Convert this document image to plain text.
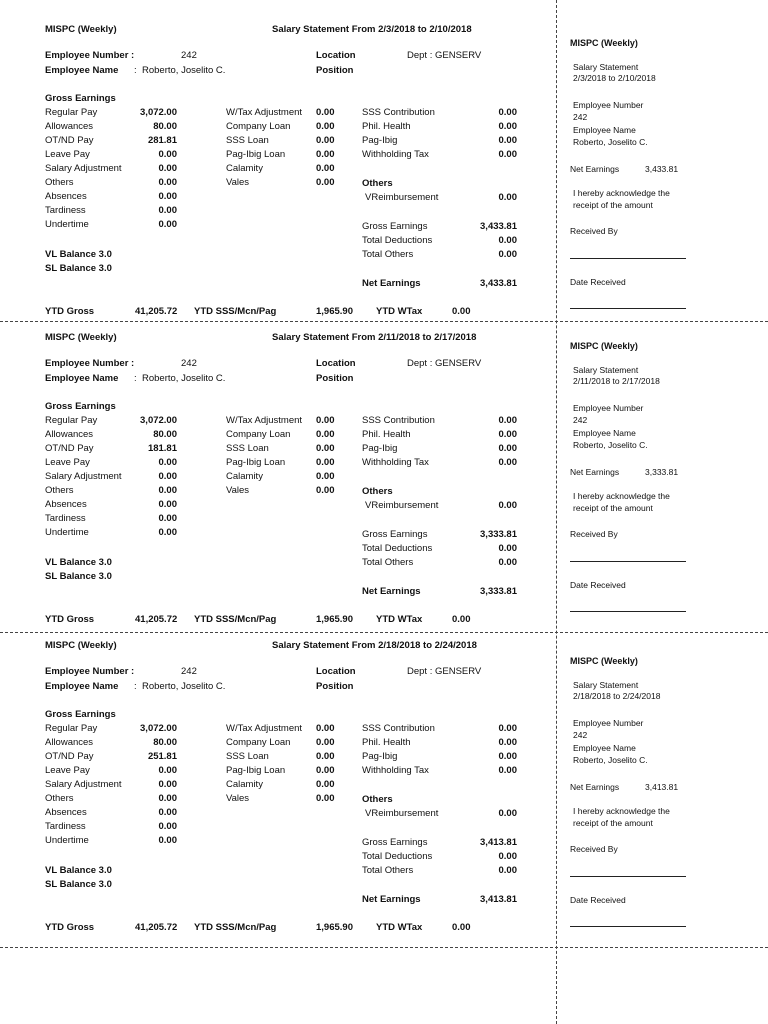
MISPC (Weekly)	Salary Statement From 2/3/2018 to 2/10/2018
Employee Number :	242	Location	Dept : GENSERV
Employee Name : Roberto, Joselito C.	Position
Gross Earnings
Regular Pay	3,072.00
Allowances	80.00
OT/ND Pay	281.81
Leave Pay	0.00
Salary Adjustment	0.00
Others	0.00
Absences	0.00
Tardiness	0.00
Undertime	0.00
W/Tax Adjustment 0.00
Company Loan	0.00
SSS Loan	0.00
Pag-Ibig Loan	0.00
Calamity	0.00
Vales	0.00
SSS Contribution	0.00
Phil. Health	0.00
Pag-Ibig	0.00
Withholding Tax	0.00
Others
VReimbursement	0.00
Gross Earnings	3,433.81
Total Deductions	0.00
Total Others	0.00
VL Balance 3.0
SL Balance 3.0
Net Earnings	3,433.81
YTD Gross	41,205.72 YTD SSS/Mcn/Pag	1,965.90 YTD WTax	0.00
MISPC (Weekly)
Salary Statement
2/3/2018 to 2/10/2018
Employee Number
242
Employee Name
Roberto, Joselito C.
Net Earnings	3,433.81
I hereby acknowledge the
receipt of the amount
Received By
Date Received
MISPC (Weekly)	Salary Statement From 2/11/2018 to 2/17/2018
Employee Number :	242	Location	Dept : GENSERV
Employee Name : Roberto, Joselito C.	Position
Gross Earnings
Regular Pay	3,072.00
Allowances	80.00
OT/ND Pay	181.81
Leave Pay	0.00
Salary Adjustment	0.00
Others	0.00
Absences	0.00
Tardiness	0.00
Undertime	0.00
W/Tax Adjustment 0.00
Company Loan	0.00
SSS Loan	0.00
Pag-Ibig Loan	0.00
Calamity	0.00
Vales	0.00
SSS Contribution	0.00
Phil. Health	0.00
Pag-Ibig	0.00
Withholding Tax	0.00
Others
VReimbursement	0.00
Gross Earnings	3,333.81
Total Deductions	0.00
Total Others	0.00
VL Balance 3.0
SL Balance 3.0
Net Earnings	3,333.81
YTD Gross	41,205.72 YTD SSS/Mcn/Pag	1,965.90 YTD WTax	0.00
MISPC (Weekly)
Salary Statement
2/11/2018 to 2/17/2018
Employee Number
242
Employee Name
Roberto, Joselito C.
Net Earnings	3,333.81
I hereby acknowledge the
receipt of the amount
Received By
Date Received
MISPC (Weekly)	Salary Statement From 2/18/2018 to 2/24/2018
Employee Number :	242	Location	Dept : GENSERV
Employee Name : Roberto, Joselito C.	Position
Gross Earnings
Regular Pay	3,072.00
Allowances	80.00
OT/ND Pay	251.81
Leave Pay	0.00
Salary Adjustment	0.00
Others	0.00
Absences	0.00
Tardiness	0.00
Undertime	0.00
W/Tax Adjustment 0.00
Company Loan	0.00
SSS Loan	0.00
Pag-Ibig Loan	0.00
Calamity	0.00
Vales	0.00
SSS Contribution	0.00
Phil. Health	0.00
Pag-Ibig	0.00
Withholding Tax	0.00
Others
VReimbursement	0.00
Gross Earnings	3,413.81
Total Deductions	0.00
Total Others	0.00
VL Balance 3.0
SL Balance 3.0
Net Earnings	3,413.81
YTD Gross	41,205.72 YTD SSS/Mcn/Pag	1,965.90 YTD WTax	0.00
MISPC (Weekly)
Salary Statement
2/18/2018 to 2/24/2018
Employee Number
242
Employee Name
Roberto, Joselito C.
Net Earnings	3,413.81
I hereby acknowledge the
receipt of the amount
Received By
Date Received
